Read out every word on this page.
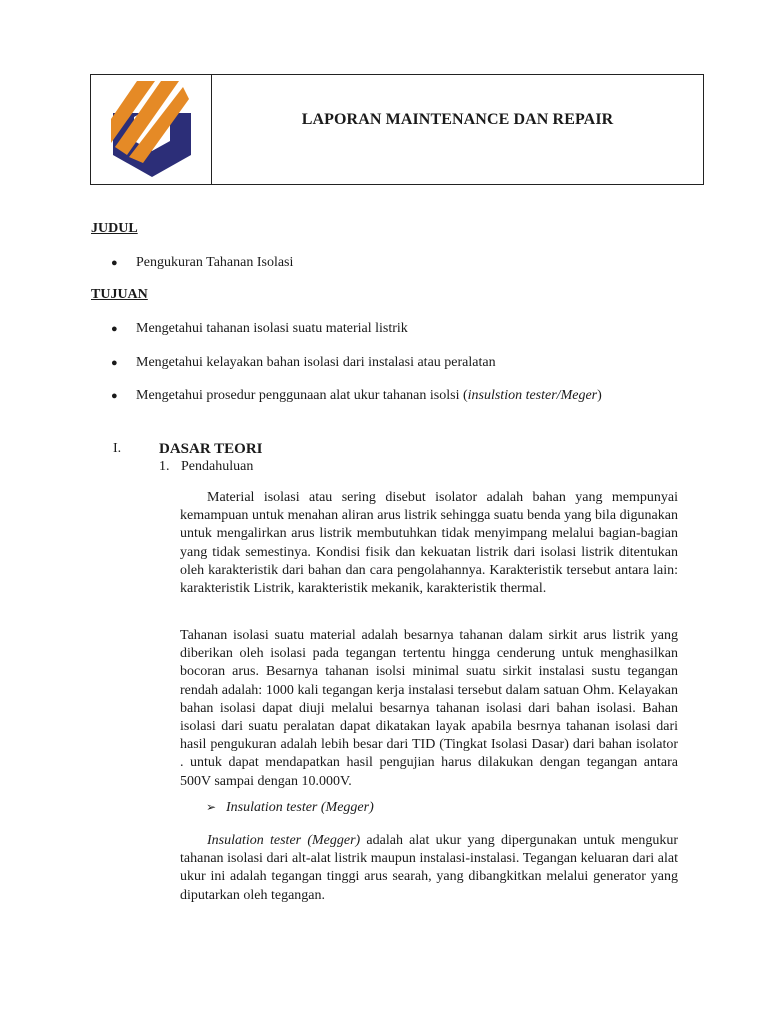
LAPORAN MAINTENANCE DAN REPAIR

JUDUL

●	Pengukuran Tahanan Isolasi

TUJUAN

●	Mengetahui tahanan isolasi suatu material listrik

●	Mengetahui kelayakan bahan isolasi dari instalasi atau peralatan

●	Mengetahui prosedur penggunaan alat ukur tahanan isolsi (insulstion tester/Meger)

I.	DASAR TEORI
1. Pendahuluan

Material isolasi atau sering disebut isolator adalah bahan yang mempunyai kemampuan untuk menahan aliran arus listrik sehingga suatu benda yang bila digunakan untuk mengalirkan arus listrik membutuhkan tidak menyimpang melalui bagian-bagian yang tidak semestinya. Kondisi fisik dan kekuatan listrik dari isolasi listrik ditentukan oleh karakteristik dari bahan dan cara pengolahannya. Karakteristik tersebut antara lain: karakteristik Listrik, karakteristik mekanik, karakteristik thermal.

Tahanan isolasi suatu material adalah besarnya tahanan dalam sirkit arus listrik yang diberikan oleh isolasi pada tegangan tertentu hingga cenderung untuk menghasilkan bocoran arus. Besarnya tahanan isolsi minimal suatu sirkit instalasi sustu tegangan rendah adalah: 1000 kali tegangan kerja instalasi tersebut dalam satuan Ohm. Kelayakan bahan isolasi dapat diuji melalui besarnya tahanan isolasi dari bahan isolasi. Bahan isolasi dari suatu peralatan dapat dikatakan layak apabila besrnya tahanan isolasi dari hasil pengukuran adalah lebih besar dari TID (Tingkat Isolasi Dasar) dari bahan isolator . untuk dapat mendapatkan hasil pengujian harus dilakukan dengan tegangan antara 500V sampai dengan 10.000V.

➢ Insulation tester (Megger)

Insulation tester (Megger) adalah alat ukur yang dipergunakan untuk mengukur tahanan isolasi dari alt-alat listrik maupun instalasi-instalasi. Tegangan keluaran dari alat ukur ini adalah tegangan tinggi arus searah, yang dibangkitkan melalui generator yang diputarkan oleh tegangan.
